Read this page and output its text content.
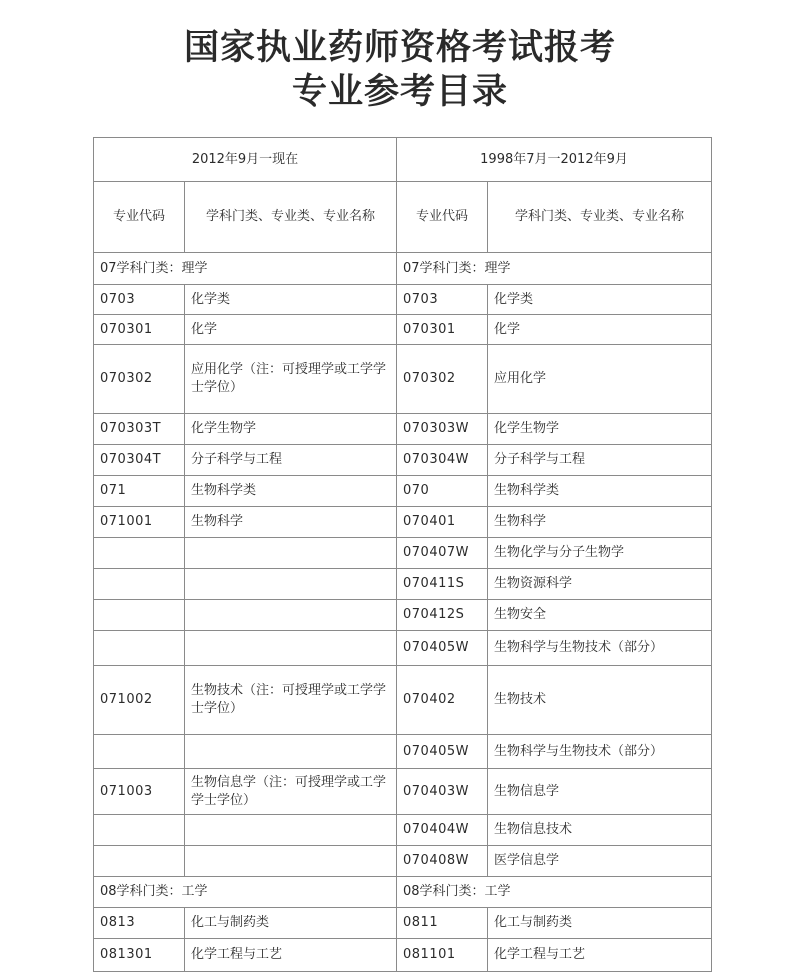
国家执业药师资格考试报考
专业参考目录
2012年9月一现在		1998年7月一2012年9月	
专业代码	学科门类、专业类、专业名称	专业代码	学科门类、专业类、专业名称
07学科门类：理学		07学科门类：理学	
0703	化学类	0703	化学类
070301	化学	070301	化学
070302	应用化学（注：可授理学或工学学士学位）	070302	应用化学
070303T	化学生物学	070303W	化学生物学
070304T	分子科学与工程	070304W	分子科学与工程
071	生物科学类	070	生物科学类
071001	生物科学	070401	生物科学
		070407W	生物化学与分子生物学
		070411S	生物资源科学
		070412S	生物安全
		070405W	生物科学与生物技术（部分）
071002	生物技术（注：可授理学或工学学士学位）	070402	生物技术
		070405W	生物科学与生物技术（部分）
071003	生物信息学（注：可授理学或工学学士学位）	070403W	生物信息学
		070404W	生物信息技术
		070408W	医学信息学
08学科门类：工学		08学科门类：工学	
0813	化工与制药类	0811	化工与制药类
081301	化学工程与工艺	081101	化学工程与工艺
